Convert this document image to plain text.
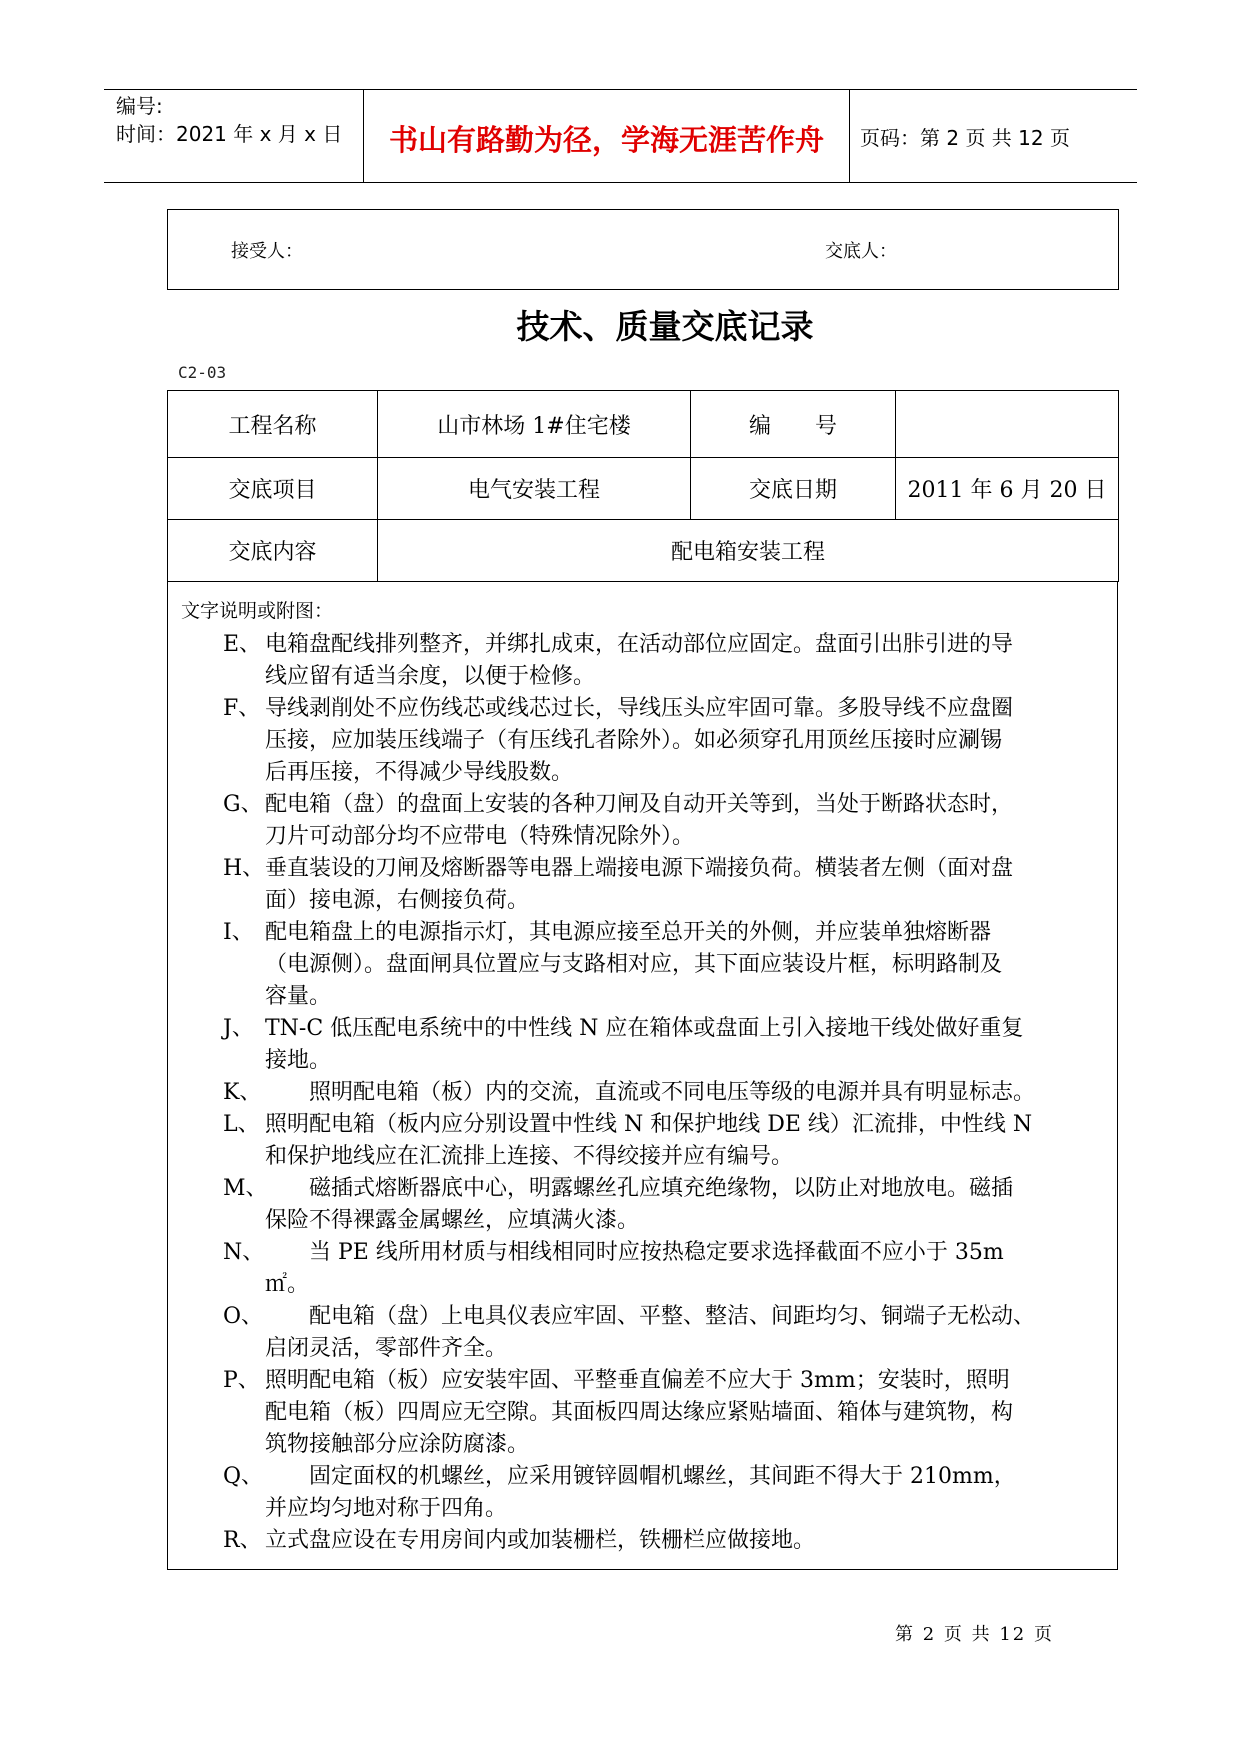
编号:
时间：2021 年 x 月 x 日	书山有路勤为径，学海无涯苦作舟	页码：第 2 页 共 12 页
接受人：	交底人：
技术、质量交底记录
C2-03
工程名称	山市林场 1#住宅楼	编　　号	
交底项目	电气安装工程	交底日期	2011 年 6 月 20 日
交底内容	配电箱安装工程		
文字说明或附图：
E、 电箱盘配线排列整齐，并绑扎成束，在活动部位应固定。盘面引出胩引进的导
线应留有适当余度，以便于检修。
F、 导线剥削处不应伤线芯或线芯过长，导线压头应牢固可靠。多股导线不应盘圈
压接，应加装压线端子（有压线孔者除外）。如必须穿孔用顶丝压接时应涮锡
后再压接，不得减少导线股数。
G、 配电箱（盘）的盘面上安装的各种刀闸及自动开关等到，当处于断路状态时，
刀片可动部分均不应带电（特殊情况除外）。
H、 垂直装设的刀闸及熔断器等电器上端接电源下端接负荷。横装者左侧（面对盘
面）接电源，右侧接负荷。
I、 配电箱盘上的电源指示灯，其电源应接至总开关的外侧，并应装单独熔断器
（电源侧）。盘面闸具位置应与支路相对应，其下面应装设片框，标明路制及
容量。
J、 TN-C 低压配电系统中的中性线 N 应在箱体或盘面上引入接地干线处做好重复
接地。
K、 　　照明配电箱（板）内的交流，直流或不同电压等级的电源并具有明显标志。
L、 照明配电箱（板内应分别设置中性线 N 和保护地线 DE 线）汇流排，中性线 N
和保护地线应在汇流排上连接、不得绞接并应有编号。
M、
　　磁插式熔断器底中心，明露螺丝孔应填充绝缘物，以防止对地放电。磁插
保险不得裸露金属螺丝，应填满火漆。
N、 　　当 PE 线所用材质与相线相同时应按热稳定要求选择截面不应小于 35m
㎡。
O、 　　配电箱（盘）上电具仪表应牢固、平整、整洁、间距均匀、铜端子无松动、
启闭灵活，零部件齐全。
P、 照明配电箱（板）应安装牢固、平整垂直偏差不应大于 3mm；安装时，照明
配电箱（板）四周应无空隙。其面板四周达缘应紧贴墙面、箱体与建筑物，构
筑物接触部分应涂防腐漆。
Q、 　　固定面权的机螺丝，应采用镀锌圆帽机螺丝，其间距不得大于 210mm，
并应均匀地对称于四角。
R、 立式盘应设在专用房间内或加装栅栏，铁栅栏应做接地。
第 2 页 共 12 页
